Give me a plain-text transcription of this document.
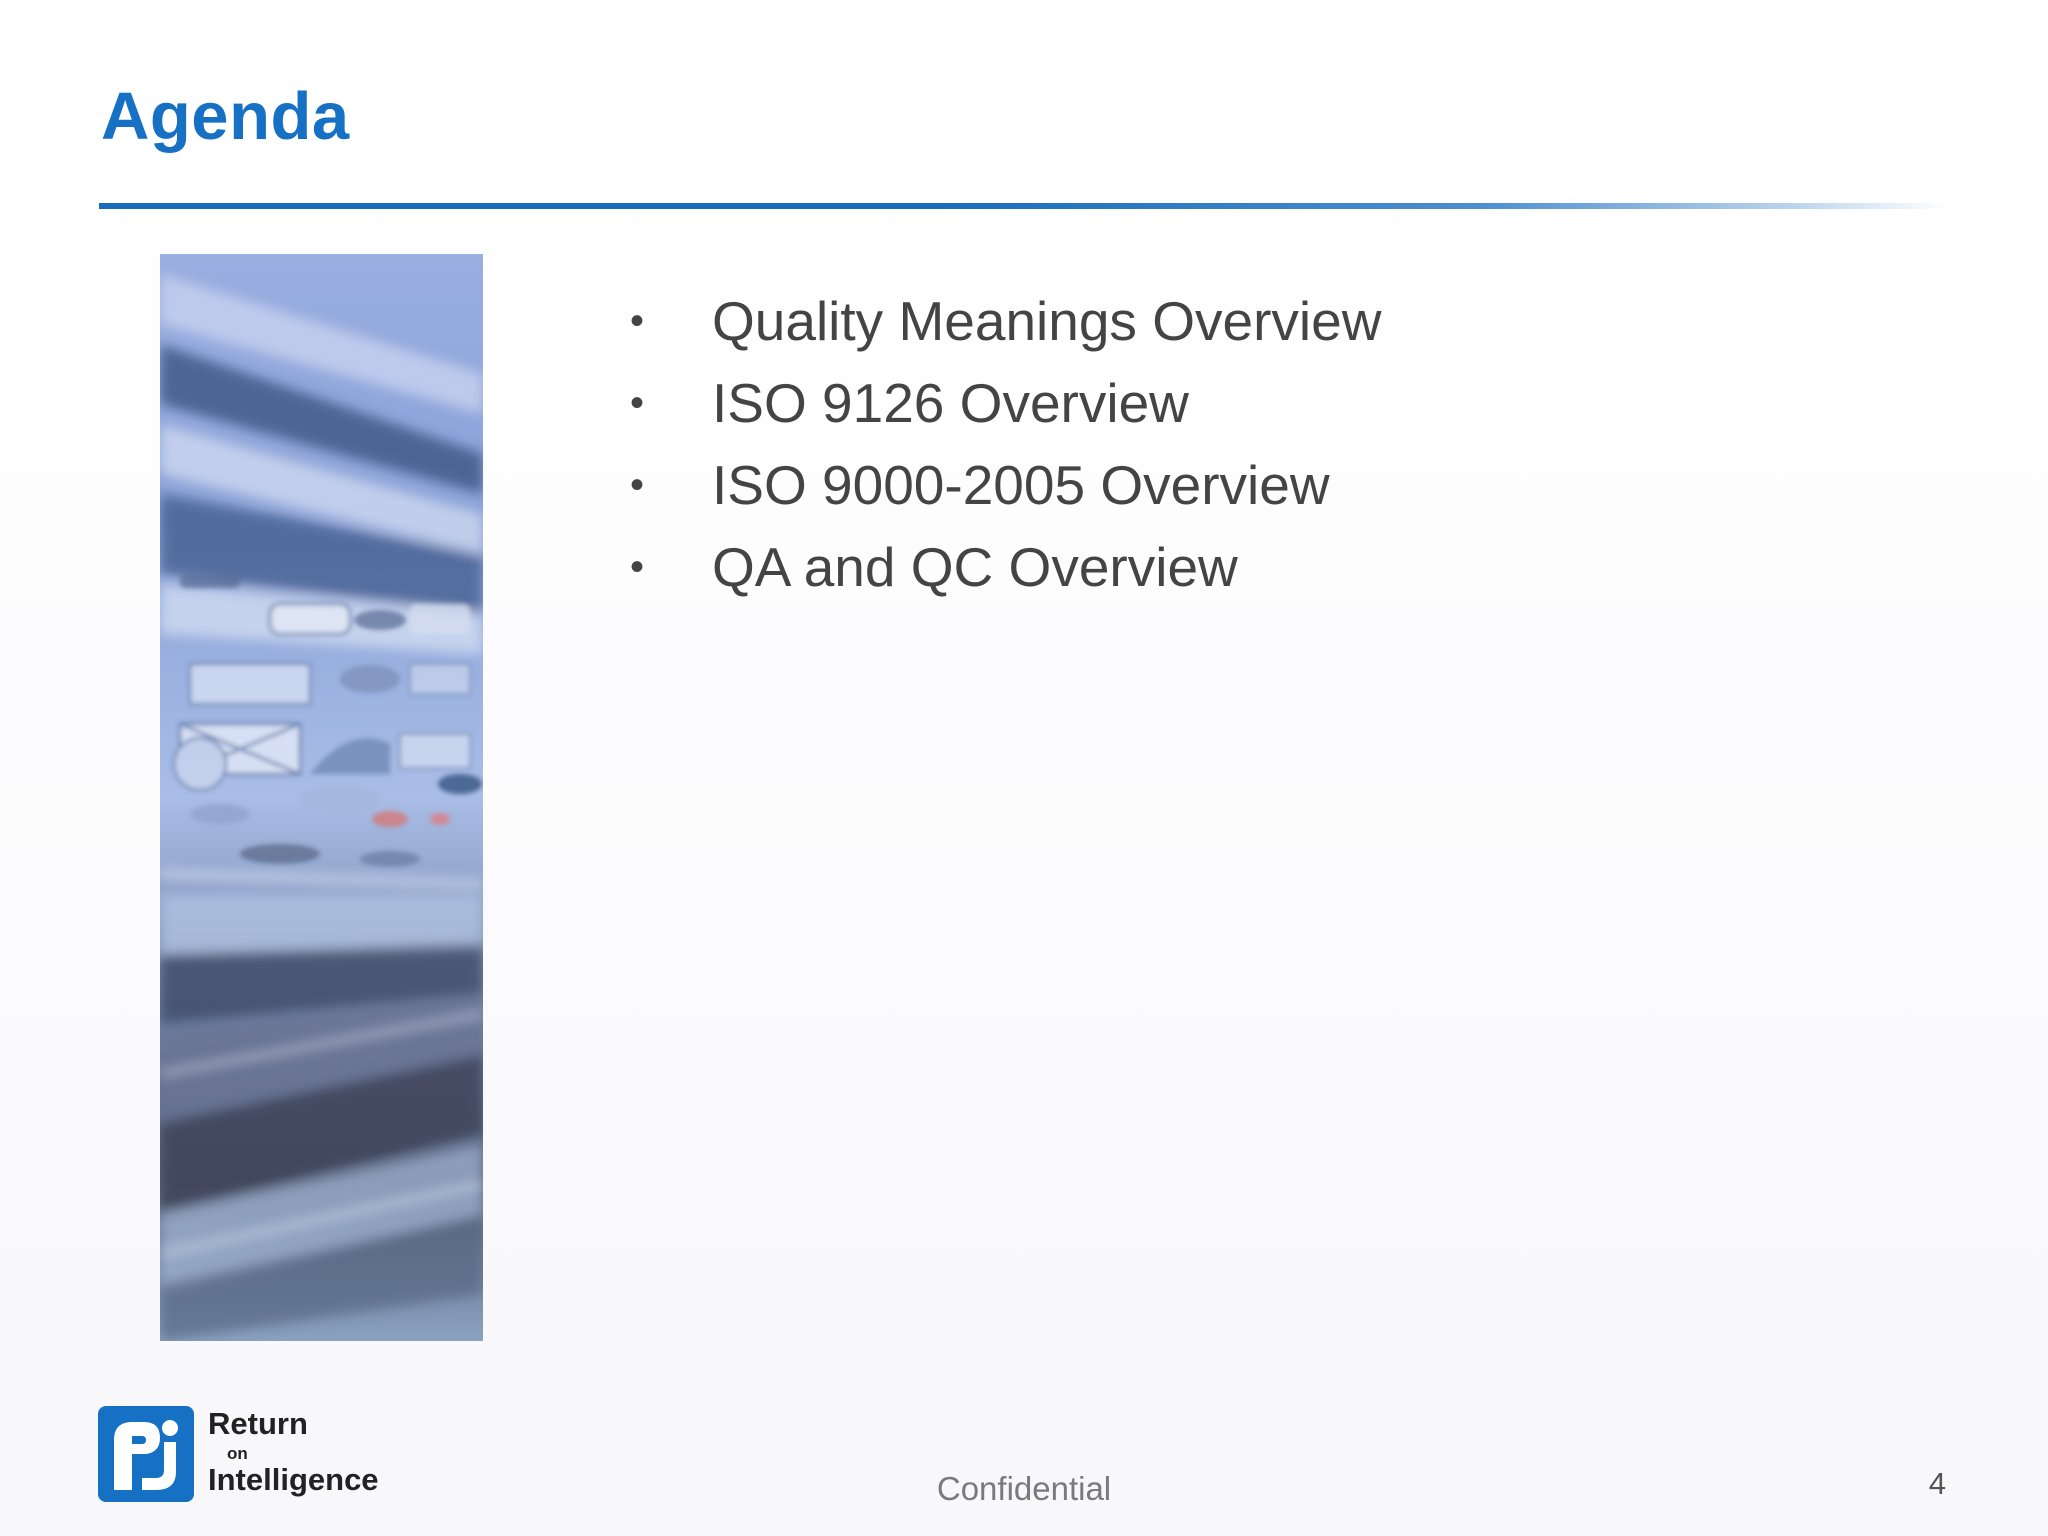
Agenda
• Quality Meanings Overview
• ISO 9126 Overview
• ISO 9000-2005 Overview
• QA and QC Overview
Return
on
Intelligence	Confidential	4
